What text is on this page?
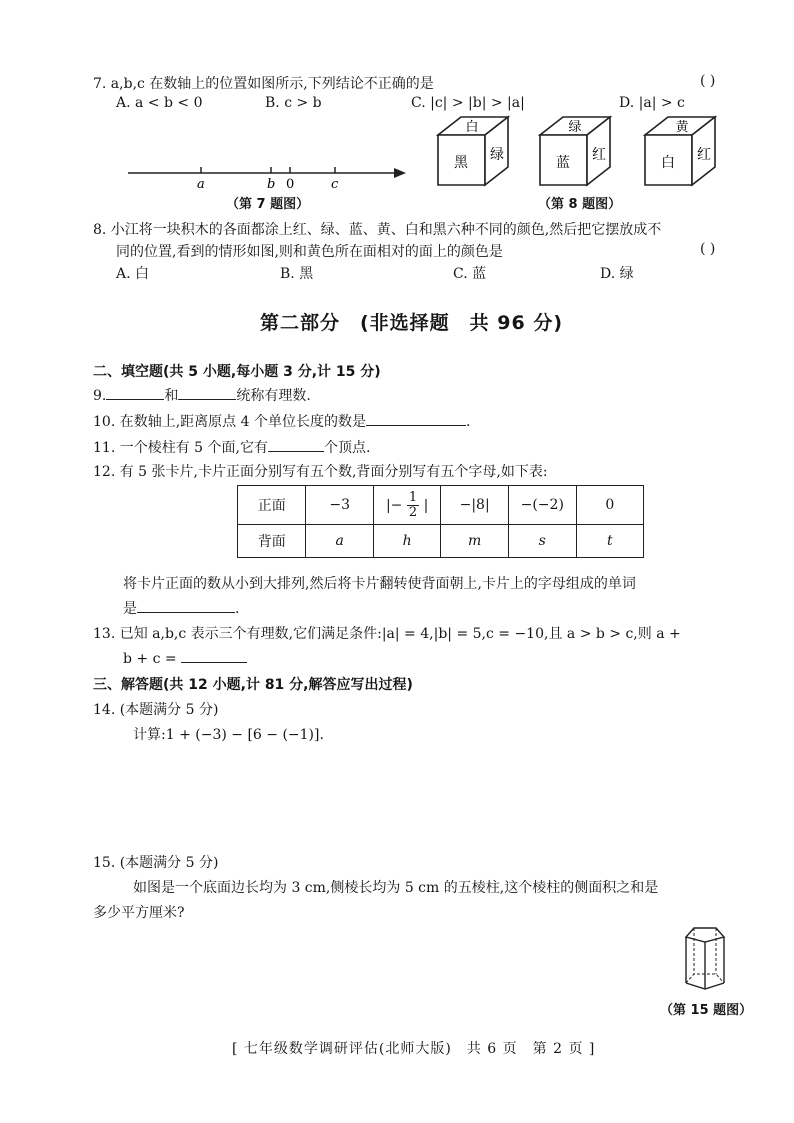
7. a,b,c 在数轴上的位置如图所示,下列结论不正确的是	( )
A. a < b < 0	B. c > b	C. |c| > |b| > |a|	D. |a| > c
a	b 0	c
（第 7 题图）
白
黑 绿
绿
蓝 红
黄
白 红
（第 8 题图）
8. 小江将一块积木的各面都涂上红、绿、蓝、黄、白和黑六种不同的颜色,然后把它摆放成不
同的位置,看到的情形如图,则和黄色所在面相对的面上的颜色是	( )
A. 白	B. 黑	C. 蓝	D. 绿
第二部分　(非选择题　共 96 分)
二、填空题(共 5 小题,每小题 3 分,计 15 分)
9.	和	统称有理数.
10. 在数轴上,距离原点 4 个单位长度的数是	.
11. 一个棱柱有 5 个面,它有	个顶点.
12. 有 5 张卡片,卡片正面分别写有五个数,背面分别写有五个字母,如下表:
正面	−3	|− $\frac{1}{2}$ |	−|8|	−(−2)	0
背面	a	h	m	s	t
将卡片正面的数从小到大排列,然后将卡片翻转使背面朝上,卡片上的字母组成的单词
是	.
13. 已知 a,b,c 表示三个有理数,它们满足条件:|a| = 4,|b| = 5,c = −10,且 a > b > c,则 a +
b + c =
三、解答题(共 12 小题,计 81 分,解答应写出过程)
14. (本题满分 5 分)
计算:1 + (−3) − [6 − (−1)].
15. (本题满分 5 分)
如图是一个底面边长均为 3 cm,侧棱长均为 5 cm 的五棱柱,这个棱柱的侧面积之和是
多少平方厘米?
（第 15 题图）
[ 七年级数学调研评估(北师大版)　共 6 页　第 2 页 ]
